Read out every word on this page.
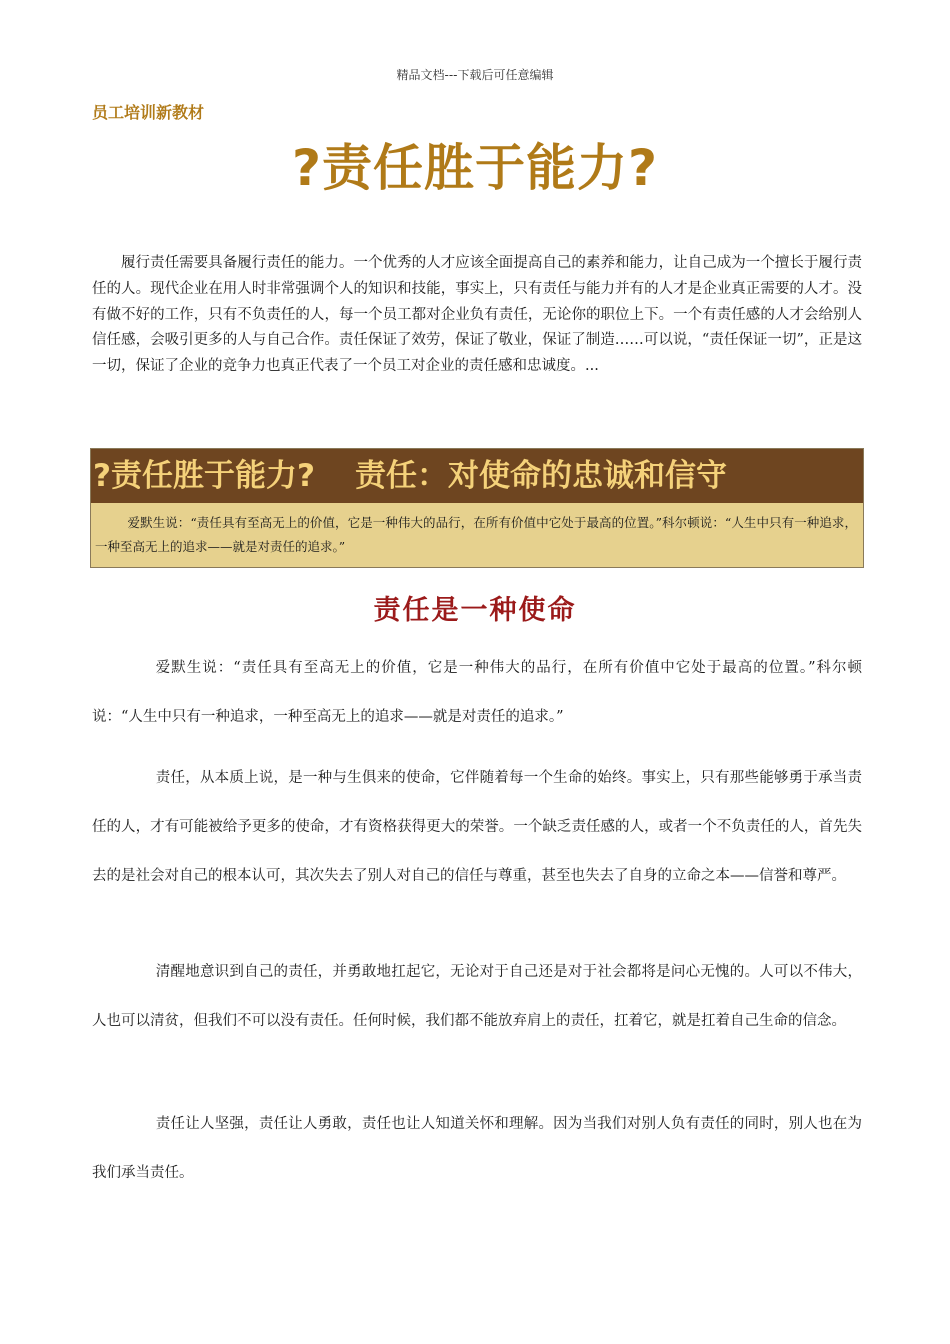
精品文档---下载后可任意编辑
员工培训新教材
?责任胜于能力?

履行责任需要具备履行责任的能力。一个优秀的人才应该全面提高自己的素养和能力，让自己成为一个擅长于履行责任的人。现代企业在用人时非常强调个人的知识和技能，事实上，只有责任与能力并有的人才是企业真正需要的人才。没有做不好的工作，只有不负责任的人，每一个员工都对企业负有责任，无论你的职位上下。一个有责任感的人才会给别人信任感，会吸引更多的人与自己合作。责任保证了效劳，保证了敬业，保证了制造……可以说，“责任保证一切”，正是这一切，保证了企业的竞争力也真正代表了一个员工对企业的责任感和忠诚度。...

?责任胜于能力? 责任：对使命的忠诚和信守
爱默生说：“责任具有至高无上的价值，它是一种伟大的品行，在所有价值中它处于最高的位置。”科尔顿说：“人生中只有一种追求，一种至高无上的追求——就是对责任的追求。”
责任是一种使命

爱默生说：“责任具有至高无上的价值，它是一种伟大的品行，在所有价值中它处于最高的位置。”科尔顿说：“人生中只有一种追求，一种至高无上的追求——就是对责任的追求。”

责任，从本质上说，是一种与生俱来的使命，它伴随着每一个生命的始终。事实上，只有那些能够勇于承当责任的人，才有可能被给予更多的使命，才有资格获得更大的荣誉。一个缺乏责任感的人，或者一个不负责任的人，首先失去的是社会对自己的根本认可，其次失去了别人对自己的信任与尊重，甚至也失去了自身的立命之本——信誉和尊严。

清醒地意识到自己的责任，并勇敢地扛起它，无论对于自己还是对于社会都将是问心无愧的。人可以不伟大，人也可以清贫，但我们不可以没有责任。任何时候，我们都不能放弃肩上的责任，扛着它，就是扛着自己生命的信念。

责任让人坚强，责任让人勇敢，责任也让人知道关怀和理解。因为当我们对别人负有责任的同时，别人也在为我们承当责任。
